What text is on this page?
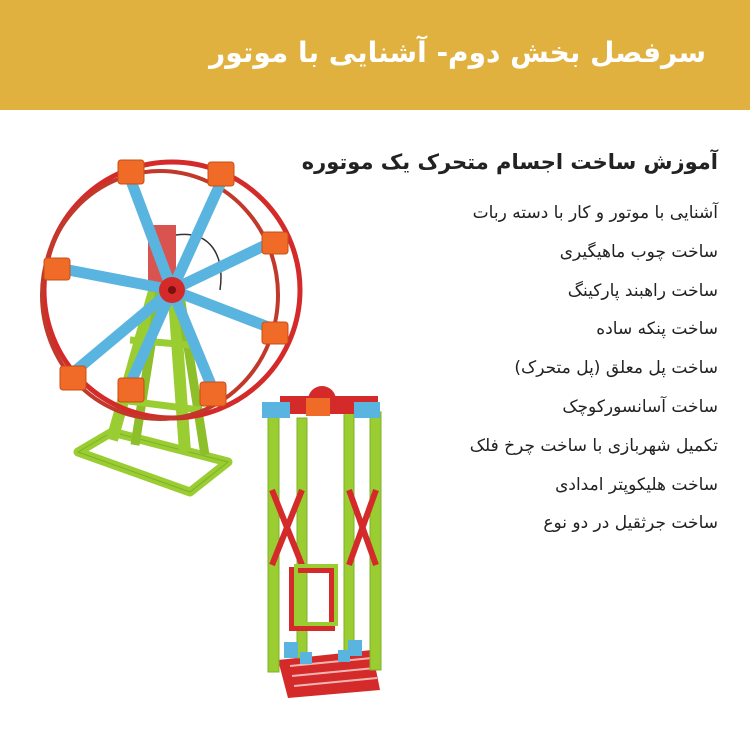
سرفصل بخش دوم- آشنایی با موتور
آموزش ساخت اجسام متحرک یک موتوره
آشنایی با موتور و کار با دسته ربات
ساخت چوب ماهیگیری
ساخت راهبند پارکینگ
ساخت پنکه ساده
ساخت پل معلق (پل متحرک)
ساخت آسانسورکوچک
تکمیل شهربازی با ساخت چرخ فلک
ساخت هلیکوپتر امدادی
ساخت جرثقیل در دو نوع
